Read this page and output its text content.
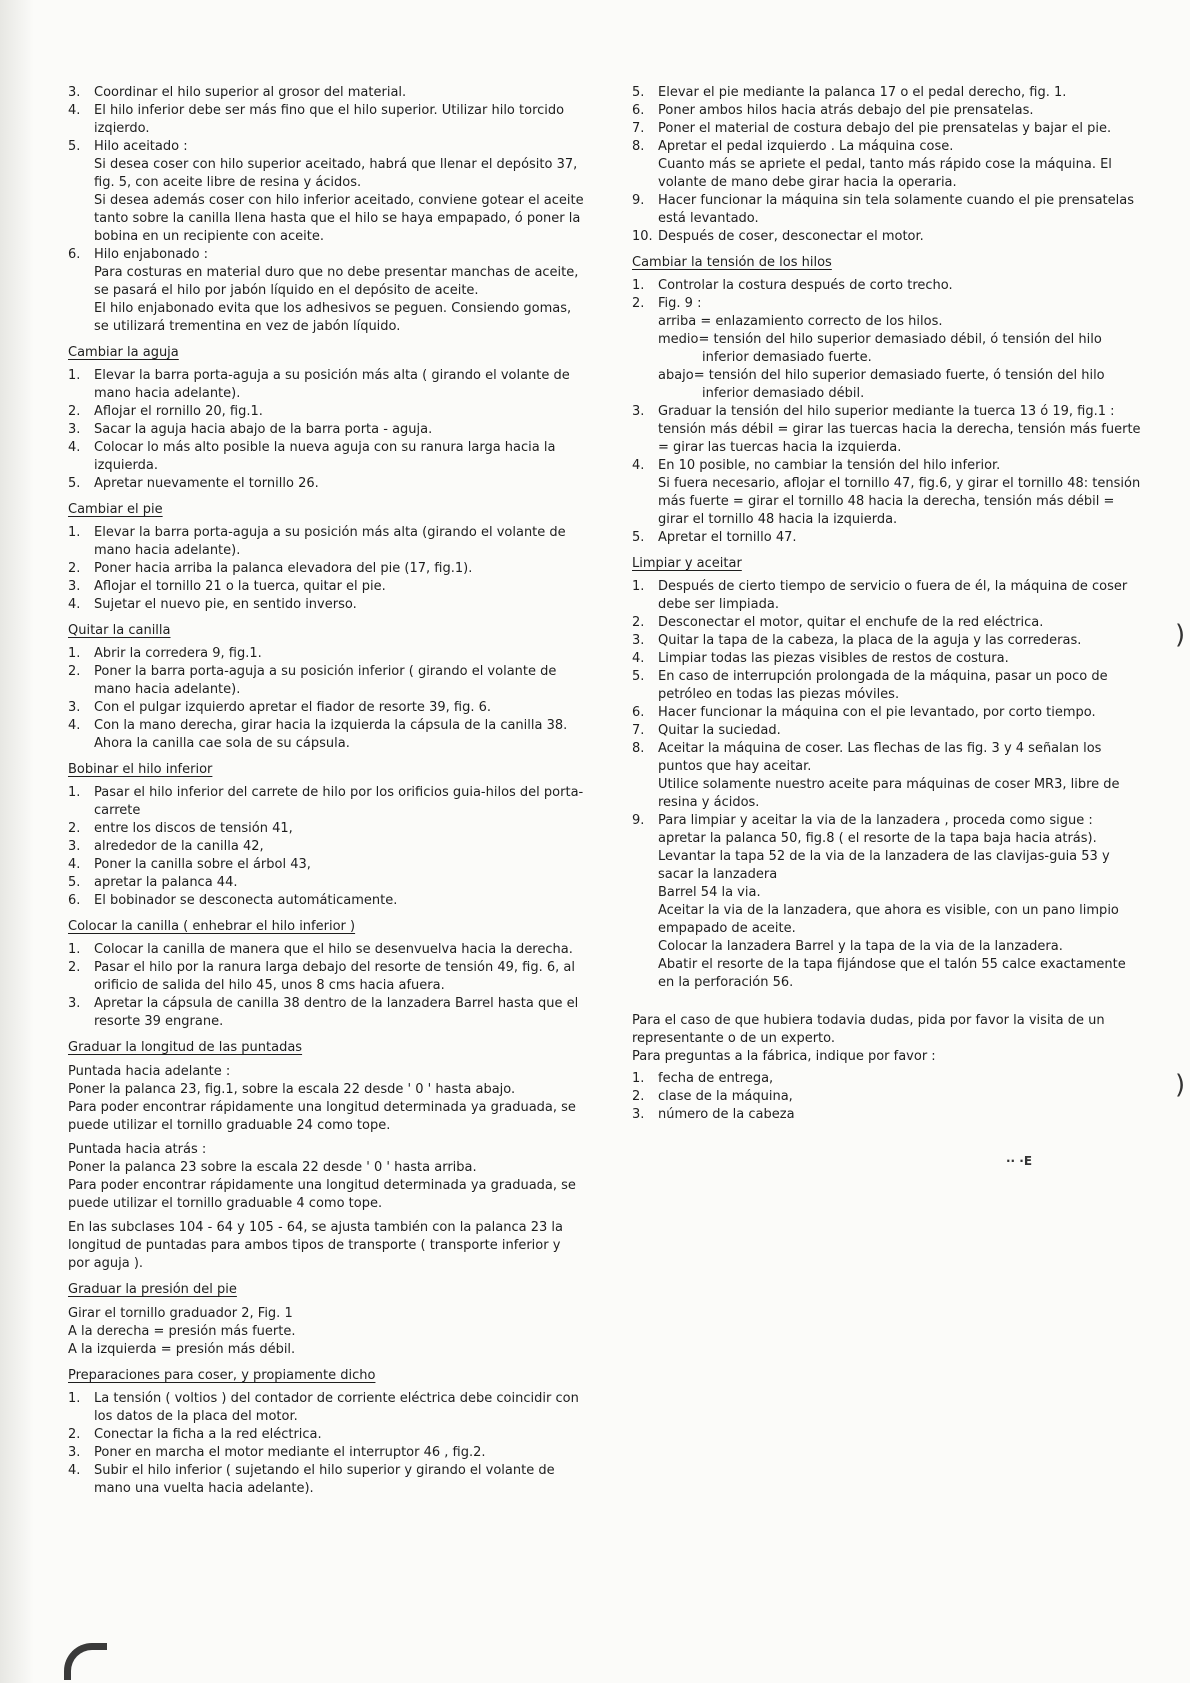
3.	Coordinar el hilo superior al grosor del material.
4.	El hilo inferior debe ser más fino que el hilo superior. Utilizar hilo torcido izqierdo.
5.	Hilo aceitado :
Si desea coser con hilo superior aceitado, habrá que llenar el depósito 37, fig. 5, con aceite libre de resina y ácidos.
Si desea además coser con hilo inferior aceitado, conviene gotear el aceite tanto sobre la canilla llena hasta que el hilo se haya empapado, ó poner la bobina en un recipiente con aceite.
6.	Hilo enjabonado :
Para costuras en material duro que no debe presentar manchas de aceite, se pasará el hilo por jabón líquido en el depósito de aceite.
El hilo enjabonado evita que los adhesivos se peguen. Consiendo gomas, se utilizará trementina en vez de jabón líquido.
Cambiar la aguja
1.	Elevar la barra porta-aguja a su posición más alta ( girando el volante de mano hacia adelante).
2.	Aflojar el rornillo 20, fig.1.
3.	Sacar la aguja hacia abajo de la barra porta - aguja.
4.	Colocar lo más alto posible la nueva aguja con su ranura larga hacia la izquierda.
5.	Apretar nuevamente el tornillo 26.
Cambiar el pie
1.	Elevar la barra porta-aguja a su posición más alta (girando el volante de mano hacia adelante).
2.	Poner hacia arriba la palanca elevadora del pie (17, fig.1).
3.	Aflojar el tornillo 21 o la tuerca, quitar el pie.
4.	Sujetar el nuevo pie, en sentido inverso.
Quitar la canilla
1.	Abrir la corredera 9, fig.1.
2.	Poner la barra porta-aguja a su posición inferior ( girando el volante de mano hacia adelante).
3.	Con el pulgar izquierdo apretar el fiador de resorte 39, fig. 6.
4.	Con la mano derecha, girar hacia la izquierda la cápsula de la canilla 38. Ahora la canilla cae sola de su cápsula.
Bobinar el hilo inferior
1.	Pasar el hilo inferior del carrete de hilo por los orificios guia-hilos del porta-carrete
2.	entre los discos de tensión 41,
3.	alrededor de la canilla 42,
4.	Poner la canilla sobre el árbol 43,
5.	apretar la palanca 44.
6.	El bobinador se desconecta automáticamente.
Colocar la canilla ( enhebrar el hilo inferior )
1.	Colocar la canilla de manera que el hilo se desenvuelva hacia la derecha.
2.	Pasar el hilo por la ranura larga debajo del resorte de tensión 49, fig. 6, al orificio de salida del hilo 45, unos 8 cms hacia afuera.
3.	Apretar la cápsula de canilla 38 dentro de la lanzadera Barrel hasta que el resorte 39 engrane.
Graduar la longitud de las puntadas
Puntada hacia adelante :
Poner la palanca 23, fig.1, sobre la escala 22 desde ' 0 ' hasta abajo.
Para poder encontrar rápidamente una longitud determinada ya graduada, se puede utilizar el tornillo graduable 24 como tope.
Puntada hacia atrás :
Poner la palanca 23 sobre la escala 22 desde ' 0 ' hasta arriba.
Para poder encontrar rápidamente una longitud determinada ya graduada, se puede utilizar el tornillo graduable 4 como tope.
En las subclases 104 - 64 y 105 - 64, se ajusta también con la palanca 23 la longitud de puntadas para ambos tipos de transporte ( transporte inferior y por aguja ).
Graduar la presión del pie
Girar el tornillo graduador 2, Fig. 1
A la derecha = presión más fuerte.
A la izquierda = presión más débil.
Preparaciones para coser, y propiamente dicho
1.	La tensión ( voltios ) del contador de corriente eléctrica debe coincidir con los datos de la placa del motor.
2.	Conectar la ficha a la red eléctrica.
3.	Poner en marcha el motor mediante el interruptor 46 , fig.2.
4.	Subir el hilo inferior ( sujetando el hilo superior y girando el volante de mano una vuelta hacia adelante).
5.	Elevar el pie mediante la palanca 17 o el pedal derecho, fig. 1.
6.	Poner ambos hilos hacia atrás debajo del pie prensatelas.
7.	Poner el material de costura debajo del pie prensatelas y bajar el pie.
8.	Apretar el pedal izquierdo . La máquina cose.
Cuanto más se apriete el pedal, tanto más rápido cose la máquina. El volante de mano debe girar hacia la operaria.
9.	Hacer funcionar la máquina sin tela solamente cuando el pie prensatelas está levantado.
10. Después de coser, desconectar el motor.
Cambiar la tensión de los hilos
1.	Controlar la costura después de corto trecho.
2.	Fig. 9 :
arriba = enlazamiento correcto de los hilos.
medio= tensión del hilo superior demasiado débil, ó tensión del hilo inferior demasiado fuerte.
abajo= tensión del hilo superior demasiado fuerte, ó tensión del hilo inferior demasiado débil.
3.	Graduar la tensión del hilo superior mediante la tuerca 13 ó 19, fig.1 : tensión más débil = girar las tuercas hacia la derecha, tensión más fuerte = girar las tuercas hacia la izquierda.
4.	En 10 posible, no cambiar la tensión del hilo inferior.
Si fuera necesario, aflojar el tornillo 47, fig.6, y girar el tornillo 48: tensión más fuerte = girar el tornillo 48 hacia la derecha, tensión más débil = girar el tornillo 48 hacia la izquierda.
5.	Apretar el tornillo 47.
Limpiar y aceitar
1.	Después de cierto tiempo de servicio o fuera de él, la máquina de coser debe ser limpiada.
2.	Desconectar el motor, quitar el enchufe de la red eléctrica.
3.	Quitar la tapa de la cabeza, la placa de la aguja y las correderas.
4.	Limpiar todas las piezas visibles de restos de costura.
5.	En caso de interrupción prolongada de la máquina, pasar un poco de petróleo en todas las piezas móviles.
6.	Hacer funcionar la máquina con el pie levantado, por corto tiempo.
7.	Quitar la suciedad.
8.	Aceitar la máquina de coser. Las flechas de las fig. 3 y 4 señalan los puntos que hay aceitar.
Utilice solamente nuestro aceite para máquinas de coser MR3, libre de resina y ácidos.
9.	Para limpiar y aceitar la via de la lanzadera , proceda como sigue : apretar la palanca 50, fig.8 ( el resorte de la tapa baja hacia atrás).
Levantar la tapa 52 de la via de la lanzadera de las clavijas-guia 53 y sacar la lanzadera
Barrel 54 la via.
Aceitar la via de la lanzadera, que ahora es visible, con un pano limpio empapado de aceite.
Colocar la lanzadera Barrel y la tapa de la via de la lanzadera.
Abatir el resorte de la tapa fijándose que el talón 55 calce exactamente en la perforación 56.
Para el caso de que hubiera todavia dudas, pida por favor la visita de un representante o de un experto.
Para preguntas a la fábrica, indique por favor :
1.	fecha de entrega,
2.	clase de la máquina,
3.	número de la cabeza
)
)
·· ·E
